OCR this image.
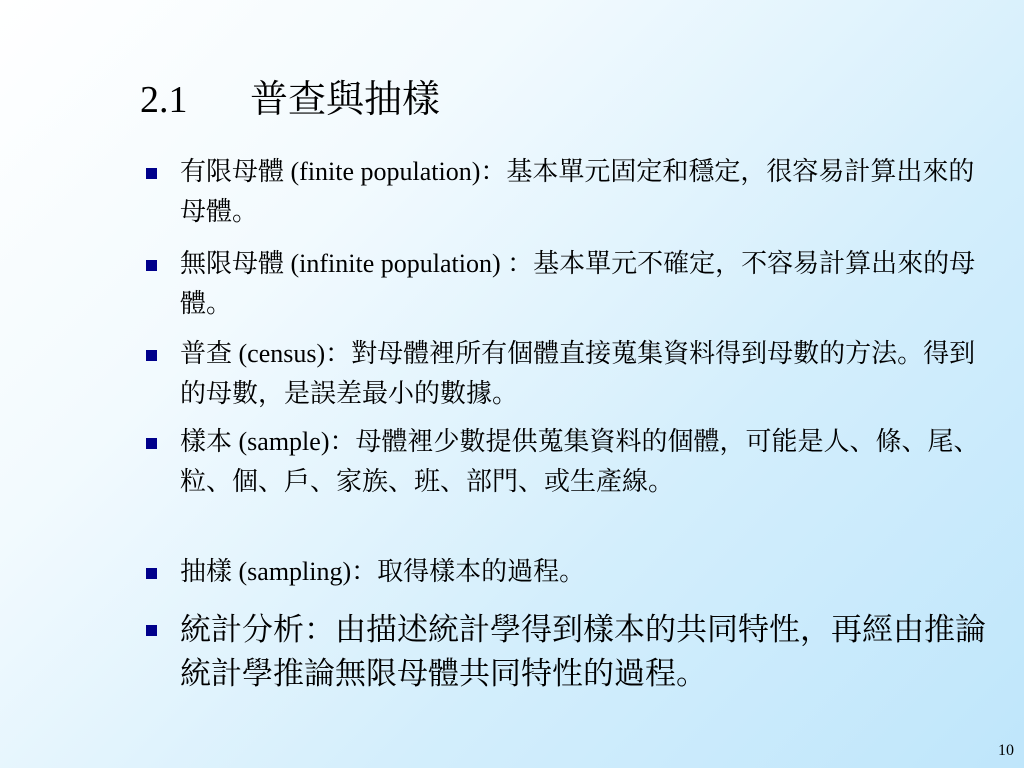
2.1 普查與抽樣
有限母體 (finite population)：基本單元固定和穩定，很容易計算出來的母體。
無限母體 (infinite population) ：基本單元不確定，不容易計算出來的母體。
普查 (census)：對母體裡所有個體直接蒐集資料得到母數的方法。得到的母數，是誤差最小的數據。
樣本 (sample)：母體裡少數提供蒐集資料的個體，可能是人、條、尾、粒、個、戶、家族、班、部門、或生產線。
抽樣 (sampling)：取得樣本的過程。
統計分析：由描述統計學得到樣本的共同特性，再經由推論統計學推論無限母體共同特性的過程。
10
